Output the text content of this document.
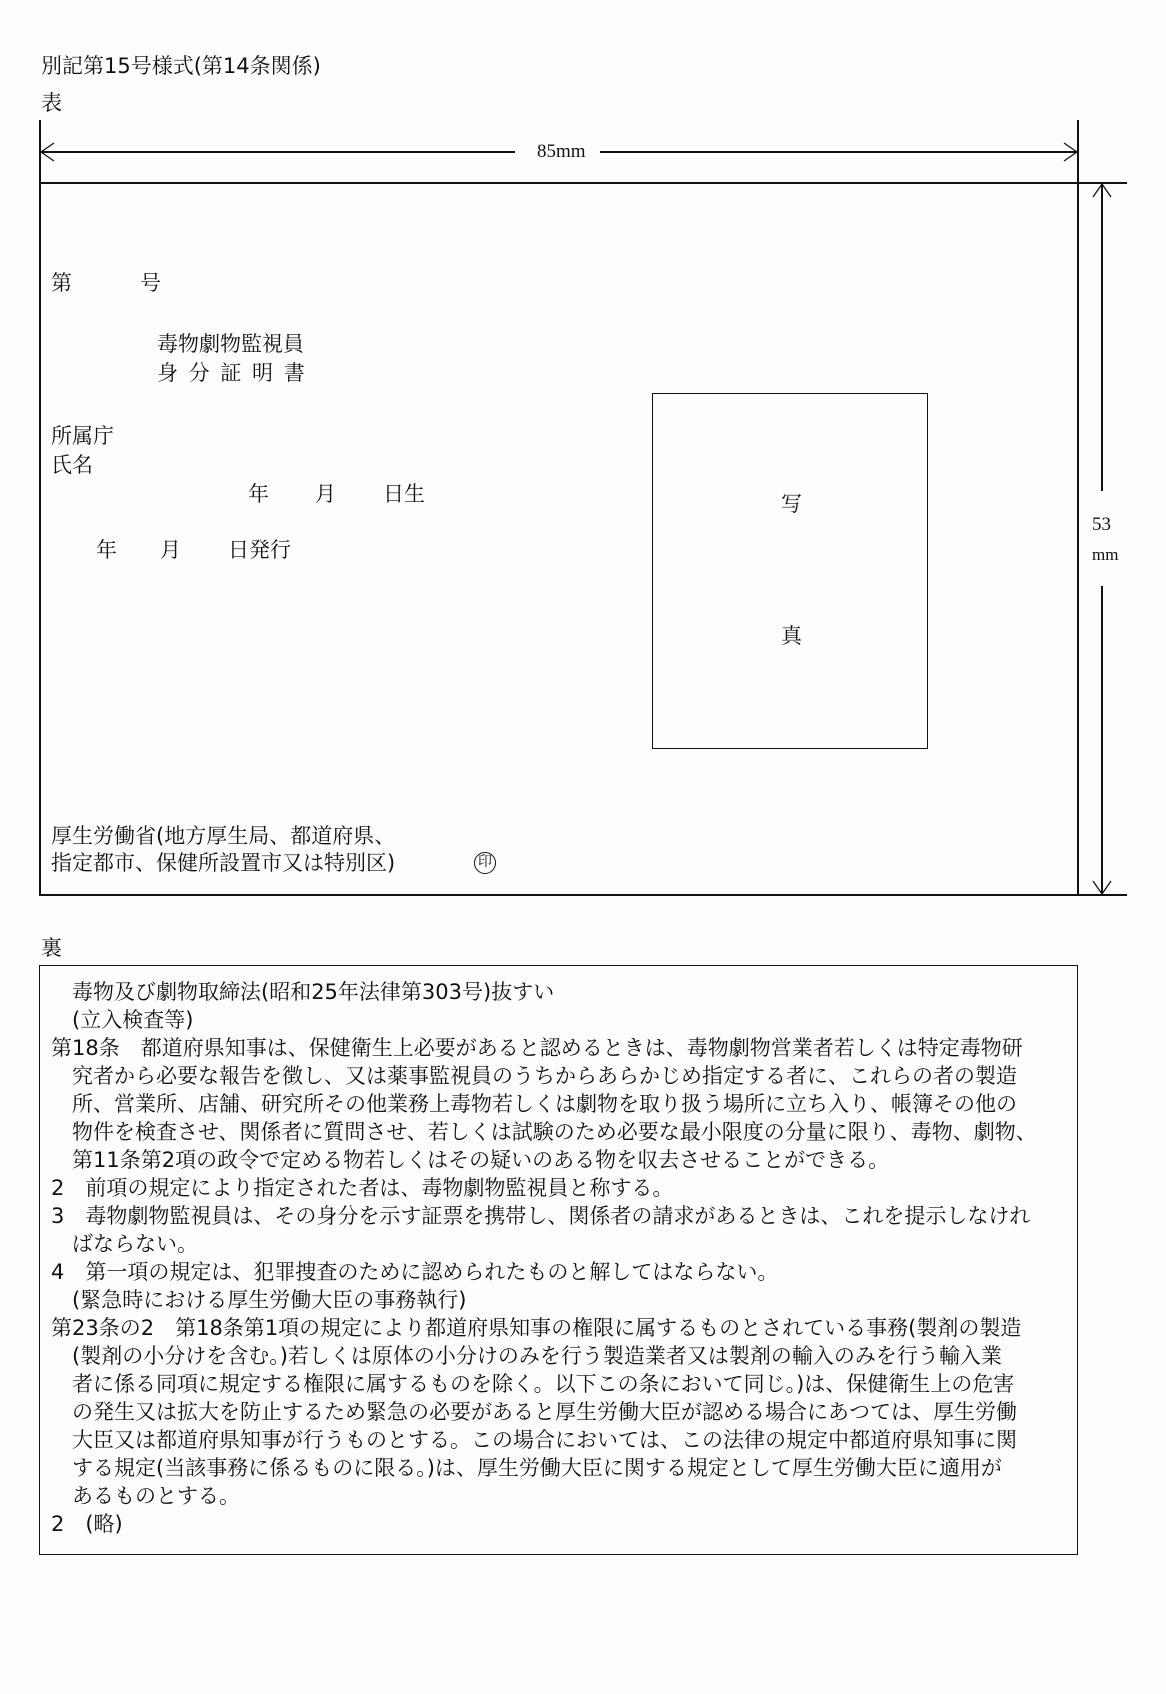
別記第15号様式(第14条関係)
表
85mm
第	号
毒物劇物監視員
身 分 証 明 書
所属庁
氏名
年 月 日生
年 月 日発行
写
真
厚生労働省(地方厚生局、都道府県、
指定都市、保健所設置市又は特別区)	印
53
mm
裏
　毒物及び劇物取締法(昭和25年法律第303号)抜すい
　(立入検査等)
第18条　都道府県知事は、保健衛生上必要があると認めるときは、毒物劇物営業者若しくは特定毒物研
　究者から必要な報告を徴し、又は薬事監視員のうちからあらかじめ指定する者に、これらの者の製造
　所、営業所、店舗、研究所その他業務上毒物若しくは劇物を取り扱う場所に立ち入り、帳簿その他の
　物件を検査させ、関係者に質問させ、若しくは試験のため必要な最小限度の分量に限り、毒物、劇物、
　第11条第2項の政令で定める物若しくはその疑いのある物を収去させることができる。
2　前項の規定により指定された者は、毒物劇物監視員と称する。
3　毒物劇物監視員は、その身分を示す証票を携帯し、関係者の請求があるときは、これを提示しなけれ
　ばならない。
4　第一項の規定は、犯罪捜査のために認められたものと解してはならない。
　(緊急時における厚生労働大臣の事務執行)
第23条の2　第18条第1項の規定により都道府県知事の権限に属するものとされている事務(製剤の製造
　(製剤の小分けを含む。)若しくは原体の小分けのみを行う製造業者又は製剤の輸入のみを行う輸入業
　者に係る同項に規定する権限に属するものを除く。以下この条において同じ。)は、保健衛生上の危害
　の発生又は拡大を防止するため緊急の必要があると厚生労働大臣が認める場合にあつては、厚生労働
　大臣又は都道府県知事が行うものとする。この場合においては、この法律の規定中都道府県知事に関
　する規定(当該事務に係るものに限る。)は、厚生労働大臣に関する規定として厚生労働大臣に適用が
　あるものとする。
2　(略)
